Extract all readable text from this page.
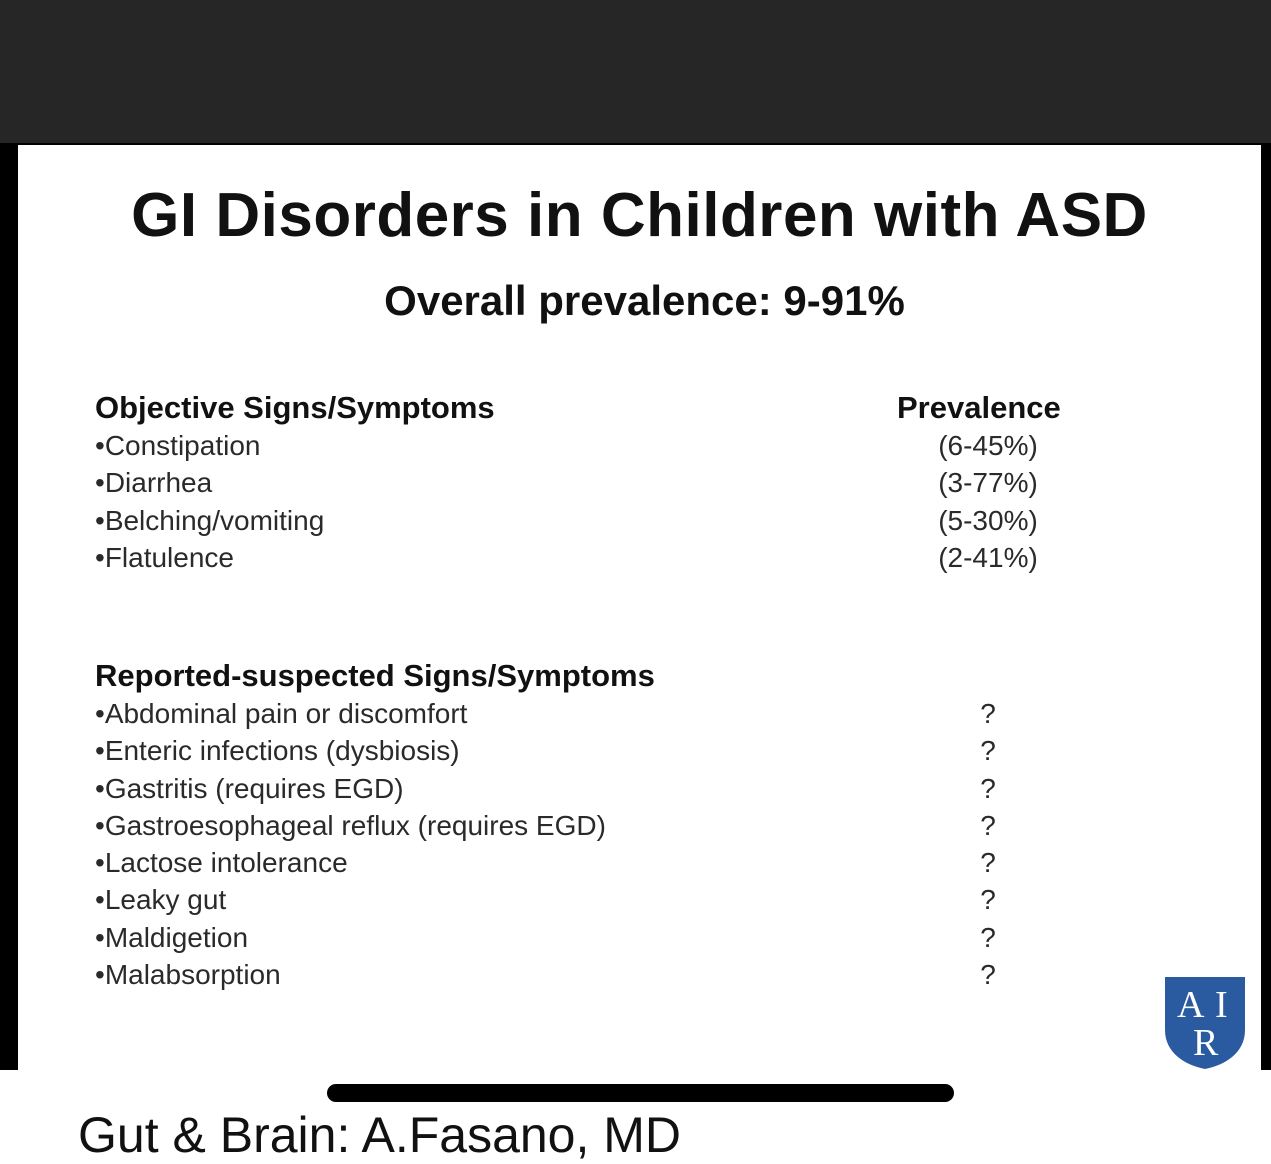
GI Disorders in Children with ASD
Overall prevalence: 9-91%
Objective Signs/Symptoms	Prevalence
• Constipation	(6-45%)
• Diarrhea	(3-77%)
• Belching/vomiting	(5-30%)
• Flatulence	(2-41%)
Reported-suspected Signs/Symptoms
• Abdominal pain or discomfort	?
• Enteric infections (dysbiosis)	?
• Gastritis (requires EGD)	?
• Gastroesophageal reflux (requires EGD)	?
• Lactose intolerance	?
• Leaky gut	?
• Maldigetion	?
• Malabsorption	?
A I
R
Gut & Brain: A.Fasano, MD
